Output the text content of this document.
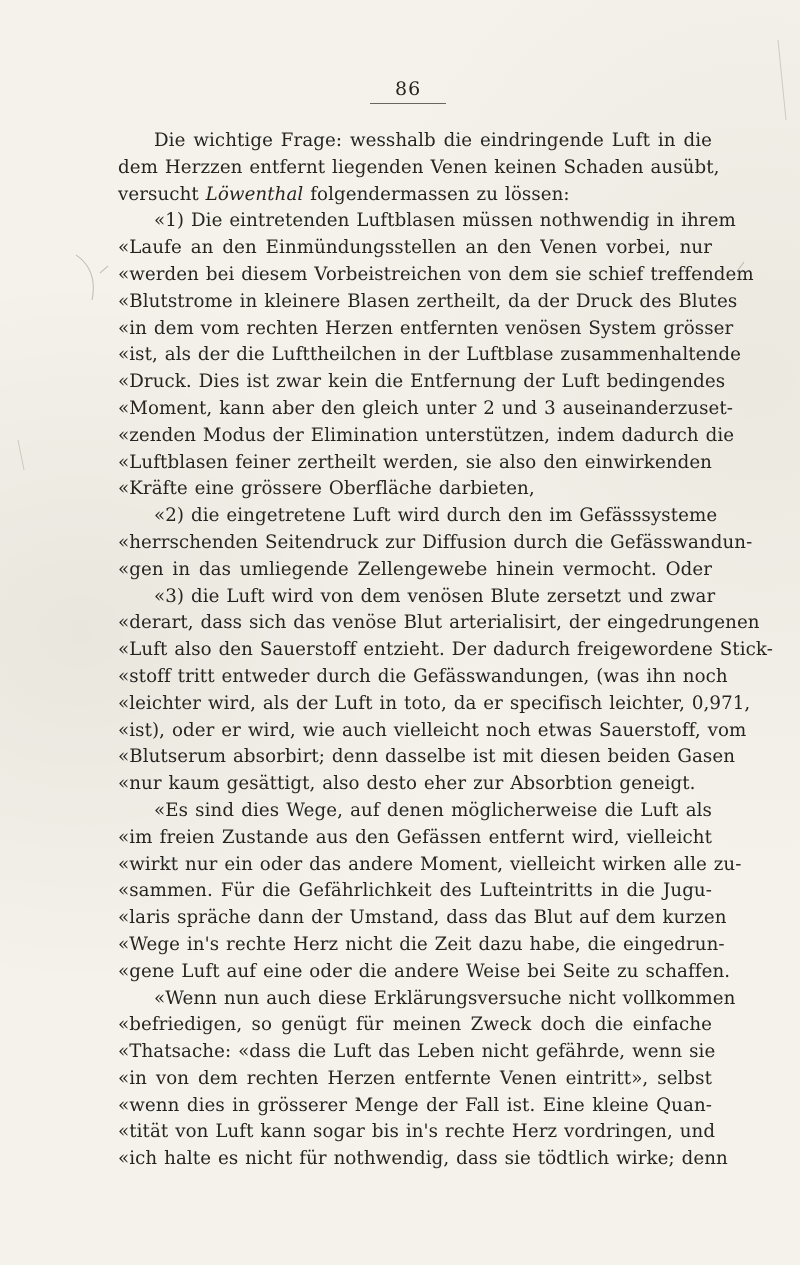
86
Die wichtige Frage: wesshalb die eindringende Luft in die
dem Herzzen entfernt liegenden Venen keinen Schaden ausübt,
versucht Löwenthal folgendermassen zu lössen:
«1) Die eintretenden Luftblasen müssen nothwendig in ihrem
«Laufe an den Einmündungsstellen an den Venen vorbei, nur
«werden bei diesem Vorbeistreichen von dem sie schief treffendem
«Blutstrome in kleinere Blasen zertheilt, da der Druck des Blutes
«in dem vom rechten Herzen entfernten venösen System grösser
«ist, als der die Lufttheilchen in der Luftblase zusammenhaltende
«Druck. Dies ist zwar kein die Entfernung der Luft bedingendes
«Moment, kann aber den gleich unter 2 und 3 auseinanderzuset-
«zenden Modus der Elimination unterstützen, indem dadurch die
«Luftblasen feiner zertheilt werden, sie also den einwirkenden
«Kräfte eine grössere Oberfläche darbieten,
«2) die eingetretene Luft wird durch den im Gefässsysteme
«herrschenden Seitendruck zur Diffusion durch die Gefässwandun-
«gen in das umliegende Zellengewebe hinein vermocht. Oder
«3) die Luft wird von dem venösen Blute zersetzt und zwar
«derart, dass sich das venöse Blut arterialisirt, der eingedrungenen
«Luft also den Sauerstoff entzieht. Der dadurch freigewordene Stick-
«stoff tritt entweder durch die Gefässwandungen, (was ihn noch
«leichter wird, als der Luft in toto, da er specifisch leichter, 0,971,
«ist), oder er wird, wie auch vielleicht noch etwas Sauerstoff, vom
«Blutserum absorbirt; denn dasselbe ist mit diesen beiden Gasen
«nur kaum gesättigt, also desto eher zur Absorbtion geneigt.
«Es sind dies Wege, auf denen möglicherweise die Luft als
«im freien Zustande aus den Gefässen entfernt wird, vielleicht
«wirkt nur ein oder das andere Moment, vielleicht wirken alle zu-
«sammen. Für die Gefährlichkeit des Lufteintritts in die Jugu-
«laris spräche dann der Umstand, dass das Blut auf dem kurzen
«Wege in's rechte Herz nicht die Zeit dazu habe, die eingedrun-
«gene Luft auf eine oder die andere Weise bei Seite zu schaffen.
«Wenn nun auch diese Erklärungsversuche nicht vollkommen
«befriedigen, so genügt für meinen Zweck doch die einfache
«Thatsache: «dass die Luft das Leben nicht gefährde, wenn sie
«in von dem rechten Herzen entfernte Venen eintritt», selbst
«wenn dies in grösserer Menge der Fall ist. Eine kleine Quan-
«tität von Luft kann sogar bis in's rechte Herz vordringen, und
«ich halte es nicht für nothwendig, dass sie tödtlich wirke; denn
